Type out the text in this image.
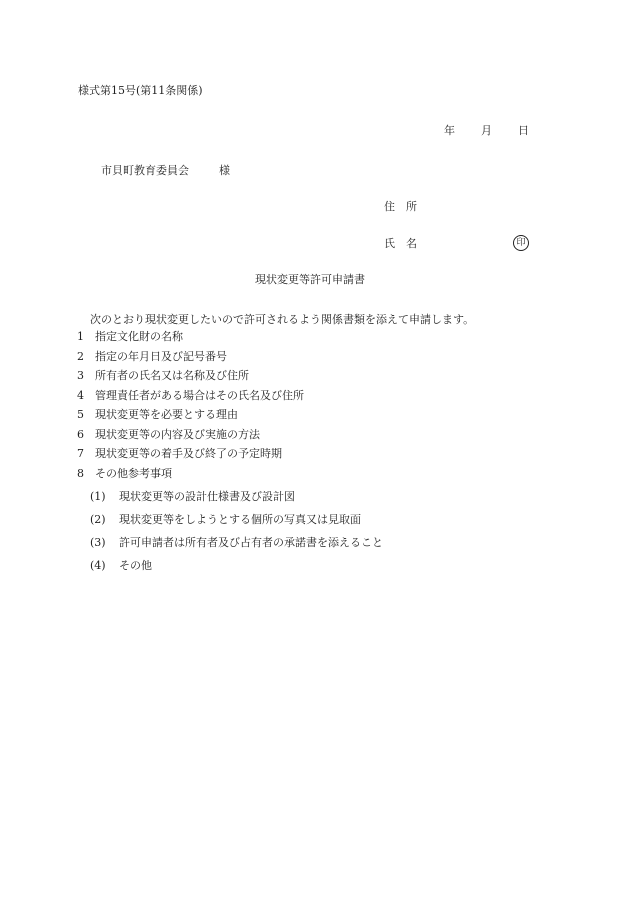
様式第15号(第11条関係)
年 月 日
市貝町教育委員会	様
住　所
氏　名	印
現状変更等許可申請書
次のとおり現状変更したいので許可されるよう関係書類を添えて申請します。
1 指定文化財の名称
2 指定の年月日及び記号番号
3 所有者の氏名又は名称及び住所
4 管理責任者がある場合はその氏名及び住所
5 現状変更等を必要とする理由
6 現状変更等の内容及び実施の方法
7 現状変更等の着手及び終了の予定時期
8 その他参考事項
(1) 現状変更等の設計仕様書及び設計図
(2) 現状変更等をしようとする個所の写真又は見取面
(3) 許可申請者は所有者及び占有者の承諾書を添えること
(4) その他
